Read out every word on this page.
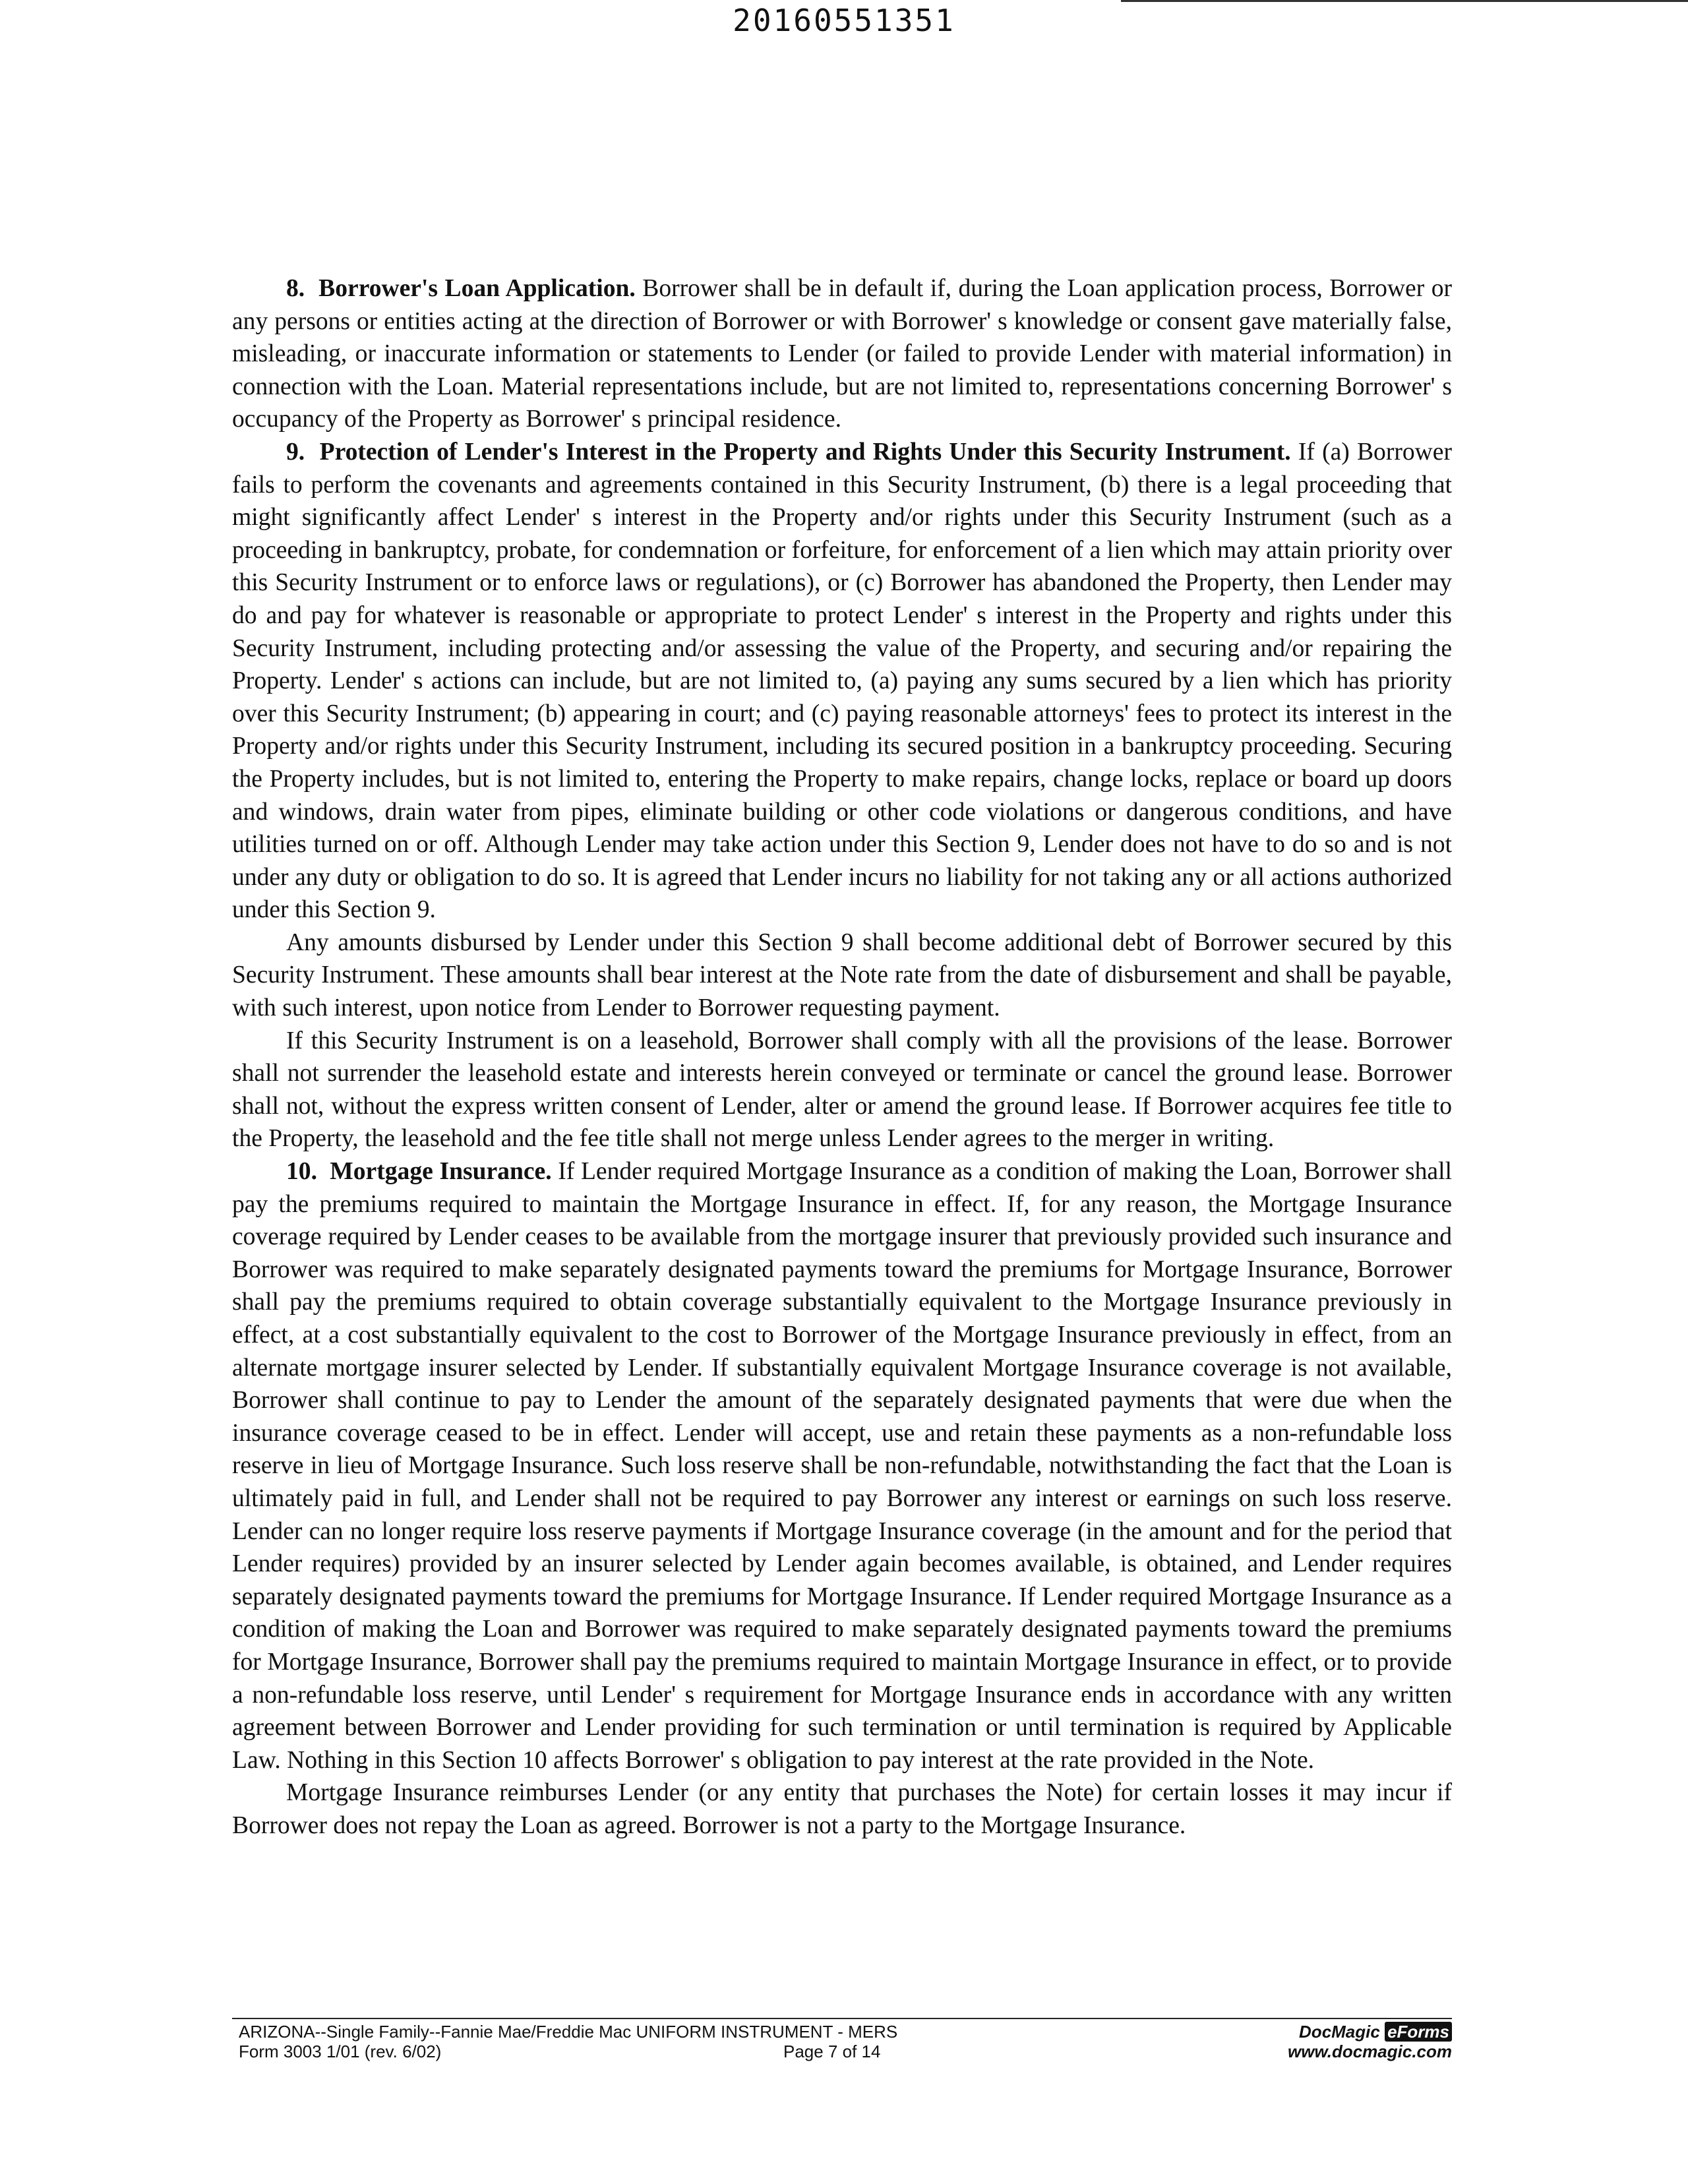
20160551351

8. Borrower's Loan Application. Borrower shall be in default if, during the Loan application process, Borrower or any persons or entities acting at the direction of Borrower or with Borrower' s knowledge or consent gave materially false, misleading, or inaccurate information or statements to Lender (or failed to provide Lender with material information) in connection with the Loan. Material representations include, but are not limited to, representations concerning Borrower' s occupancy of the Property as Borrower' s principal residence.

9. Protection of Lender's Interest in the Property and Rights Under this Security Instrument. If (a) Borrower fails to perform the covenants and agreements contained in this Security Instrument, (b) there is a legal proceeding that might significantly affect Lender' s interest in the Property and/or rights under this Security Instrument (such as a proceeding in bankruptcy, probate, for condemnation or forfeiture, for enforcement of a lien which may attain priority over this Security Instrument or to enforce laws or regulations), or (c) Borrower has abandoned the Property, then Lender may do and pay for whatever is reasonable or appropriate to protect Lender' s interest in the Property and rights under this Security Instrument, including protecting and/or assessing the value of the Property, and securing and/or repairing the Property. Lender' s actions can include, but are not limited to, (a) paying any sums secured by a lien which has priority over this Security Instrument; (b) appearing in court; and (c) paying reasonable attorneys' fees to protect its interest in the Property and/or rights under this Security Instrument, including its secured position in a bankruptcy proceeding. Securing the Property includes, but is not limited to, entering the Property to make repairs, change locks, replace or board up doors and windows, drain water from pipes, eliminate building or other code violations or dangerous conditions, and have utilities turned on or off. Although Lender may take action under this Section 9, Lender does not have to do so and is not under any duty or obligation to do so. It is agreed that Lender incurs no liability for not taking any or all actions authorized under this Section 9.

Any amounts disbursed by Lender under this Section 9 shall become additional debt of Borrower secured by this Security Instrument. These amounts shall bear interest at the Note rate from the date of disbursement and shall be payable, with such interest, upon notice from Lender to Borrower requesting payment.

If this Security Instrument is on a leasehold, Borrower shall comply with all the provisions of the lease. Borrower shall not surrender the leasehold estate and interests herein conveyed or terminate or cancel the ground lease. Borrower shall not, without the express written consent of Lender, alter or amend the ground lease. If Borrower acquires fee title to the Property, the leasehold and the fee title shall not merge unless Lender agrees to the merger in writing.

10. Mortgage Insurance. If Lender required Mortgage Insurance as a condition of making the Loan, Borrower shall pay the premiums required to maintain the Mortgage Insurance in effect. If, for any reason, the Mortgage Insurance coverage required by Lender ceases to be available from the mortgage insurer that previously provided such insurance and Borrower was required to make separately designated payments toward the premiums for Mortgage Insurance, Borrower shall pay the premiums required to obtain coverage substantially equivalent to the Mortgage Insurance previously in effect, at a cost substantially equivalent to the cost to Borrower of the Mortgage Insurance previously in effect, from an alternate mortgage insurer selected by Lender. If substantially equivalent Mortgage Insurance coverage is not available, Borrower shall continue to pay to Lender the amount of the separately designated payments that were due when the insurance coverage ceased to be in effect. Lender will accept, use and retain these payments as a non-refundable loss reserve in lieu of Mortgage Insurance. Such loss reserve shall be non-refundable, notwithstanding the fact that the Loan is ultimately paid in full, and Lender shall not be required to pay Borrower any interest or earnings on such loss reserve. Lender can no longer require loss reserve payments if Mortgage Insurance coverage (in the amount and for the period that Lender requires) provided by an insurer selected by Lender again becomes available, is obtained, and Lender requires separately designated payments toward the premiums for Mortgage Insurance. If Lender required Mortgage Insurance as a condition of making the Loan and Borrower was required to make separately designated payments toward the premiums for Mortgage Insurance, Borrower shall pay the premiums required to maintain Mortgage Insurance in effect, or to provide a non-refundable loss reserve, until Lender' s requirement for Mortgage Insurance ends in accordance with any written agreement between Borrower and Lender providing for such termination or until termination is required by Applicable Law. Nothing in this Section 10 affects Borrower' s obligation to pay interest at the rate provided in the Note.

Mortgage Insurance reimburses Lender (or any entity that purchases the Note) for certain losses it may incur if Borrower does not repay the Loan as agreed. Borrower is not a party to the Mortgage Insurance.

ARIZONA--Single Family--Fannie Mae/Freddie Mac UNIFORM INSTRUMENT - MERS
Form 3003 1/01 (rev. 6/02)	Page 7 of 14
DocMagic eForms
www.docmagic.com
